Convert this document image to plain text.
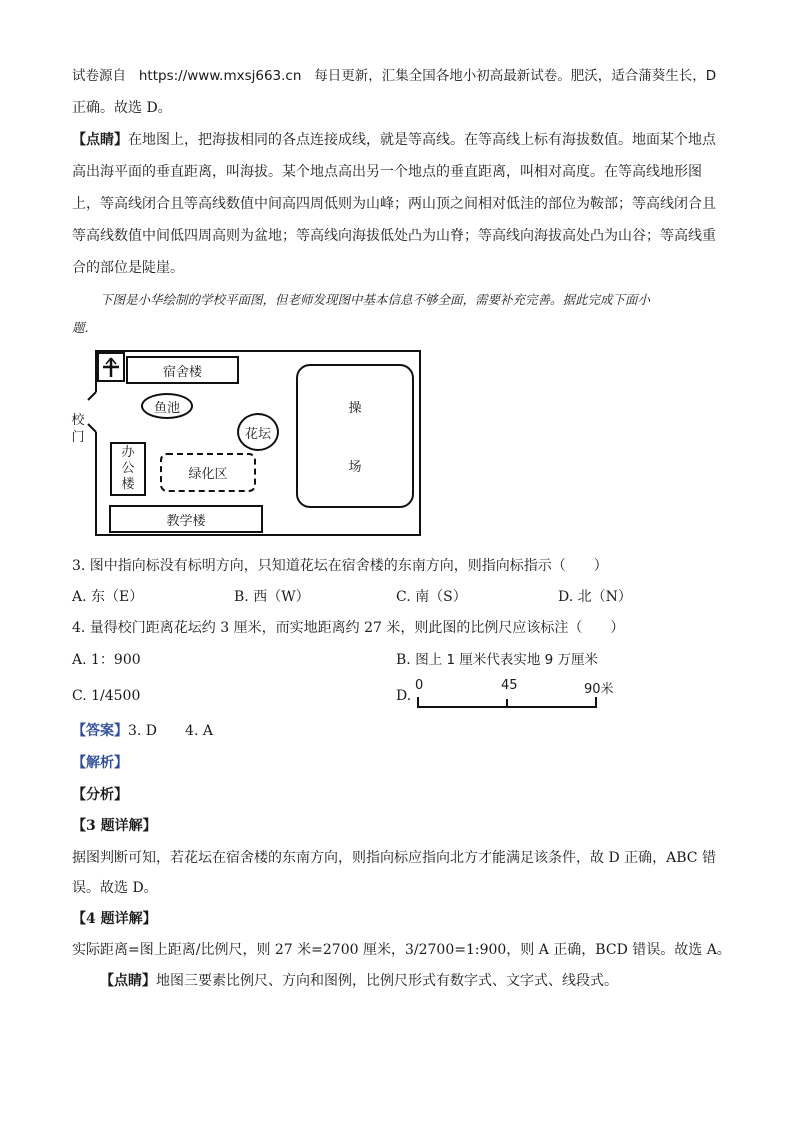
试卷源自 https://www.mxsj663.cn 每日更新，汇集全国各地小初高最新试卷。肥沃，适合蒲葵生长，D
正确。故选 D。
【点睛】在地图上，把海拔相同的各点连接成线，就是等高线。在等高线上标有海拔数值。地面某个地点
高出海平面的垂直距离，叫海拔。某个地点高出另一个地点的垂直距离，叫相对高度。在等高线地形图
上，等高线闭合且等高线数值中间高四周低则为山峰；两山顶之间相对低洼的部位为鞍部；等高线闭合且
等高线数值中间低四周高则为盆地；等高线向海拔低处凸为山脊；等高线向海拔高处凸为山谷；等高线重
合的部位是陡崖。
下图是小华绘制的学校平面图，但老师发现图中基本信息不够全面，需要补充完善。据此完成下面小
题.
校
门
宿舍楼
鱼池
花坛
操
场
办
公
楼
绿化区
教学楼
3. 图中指向标没有标明方向，只知道花坛在宿舍楼的东南方向，则指向标指示（　　）
A. 东（E）	B. 西（W）	C. 南（S）	D. 北（N）
4. 量得校门距离花坛约 3 厘米，而实地距离约 27 米，则此图的比例尺应该标注（　　）
A. 1：900	B. 图上 1 厘米代表实地 9 万厘米
C. 1/4500	D.
0	45	90米
【答案】3. D　　4. A
【解析】
【分析】
【3 题详解】
据图判断可知，若花坛在宿舍楼的东南方向，则指向标应指向北方才能满足该条件，故 D 正确，ABC 错
误。故选 D。
【4 题详解】
实际距离=图上距离/比例尺，则 27 米=2700 厘米，3/2700=1:900，则 A 正确，BCD 错误。故选 A。
【点睛】地图三要素比例尺、方向和图例，比例尺形式有数字式、文字式、线段式。
